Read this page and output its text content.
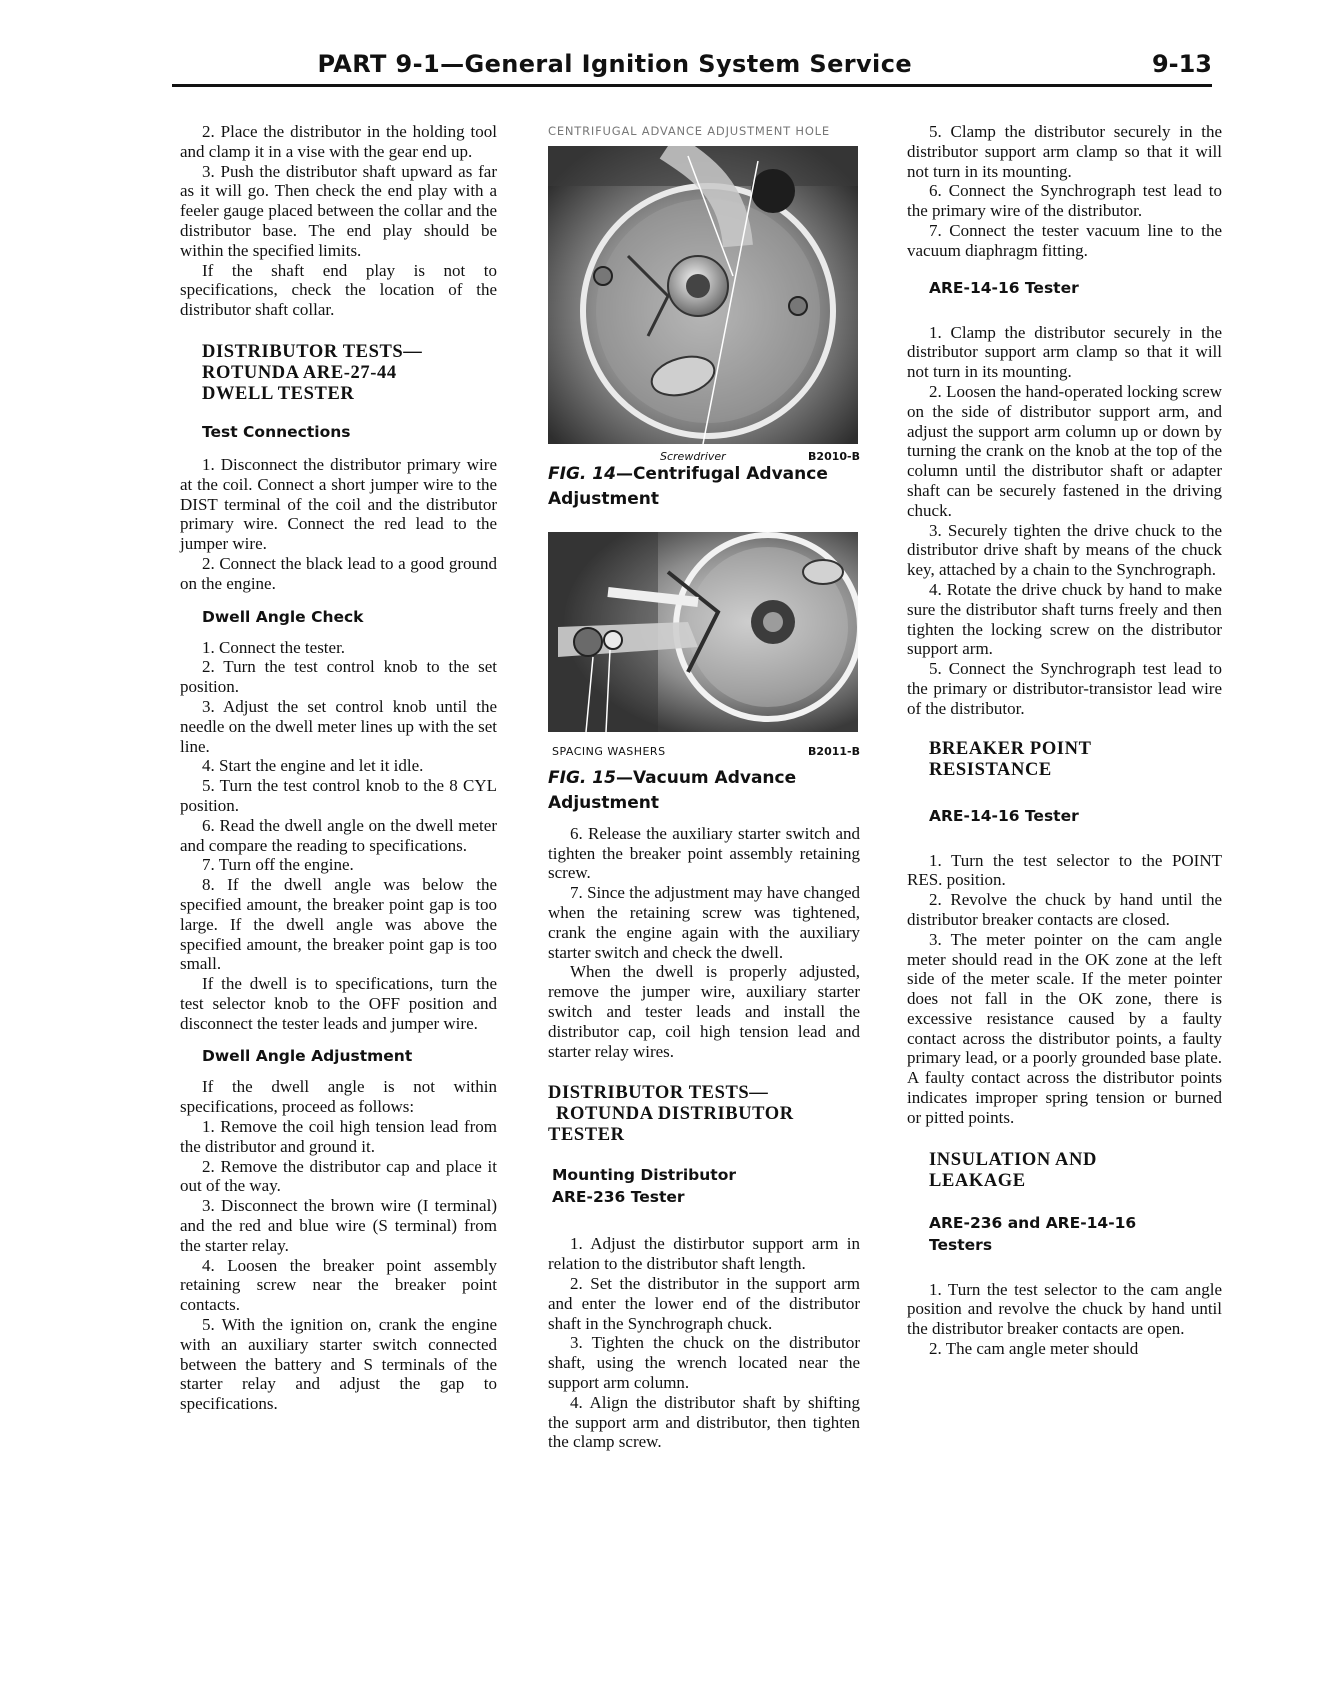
PART 9-1—General Ignition System Service	9-13

2. Place the distributor in the holding tool and clamp it in a vise with the gear end up.

3. Push the distributor shaft upward as far as it will go. Then check the end play with a feeler gauge placed between the collar and the distributor base. The end play should be within the specified limits.

If the shaft end play is not to specifications, check the location of the distributor shaft collar.

DISTRIBUTOR TESTS—
ROTUNDA ARE-27-44
DWELL TESTER
Test Connections

1. Disconnect the distributor primary wire at the coil. Connect a short jumper wire to the DIST terminal of the coil and the distributor primary wire. Connect the red lead to the jumper wire.

2. Connect the black lead to a good ground on the engine.

Dwell Angle Check

1. Connect the tester.

2. Turn the test control knob to the set position.

3. Adjust the set control knob until the needle on the dwell meter lines up with the set line.

4. Start the engine and let it idle.

5. Turn the test control knob to the 8 CYL position.

6. Read the dwell angle on the dwell meter and compare the reading to specifications.

7. Turn off the engine.

8. If the dwell angle was below the specified amount, the breaker point gap is too large. If the dwell angle was above the specified amount, the breaker point gap is too small.

If the dwell is to specifications, turn the test selector knob to the OFF position and disconnect the tester leads and jumper wire.

Dwell Angle Adjustment

If the dwell angle is not within specifications, proceed as follows:

1. Remove the coil high tension lead from the distributor and ground it.

2. Remove the distributor cap and place it out of the way.

3. Disconnect the brown wire (I terminal) and the red and blue wire (S terminal) from the starter relay.

4. Loosen the breaker point assembly retaining screw near the breaker point contacts.

5. With the ignition on, crank the engine with an auxiliary starter switch connected between the battery and S terminals of the starter relay and adjust the gap to specifications.

CENTRIFUGAL ADVANCE ADJUSTMENT HOLE
Screwdriver	B2010-B
FIG. 14—Centrifugal Advance Adjustment
SPACING WASHERS	B2011-B
FIG. 15—Vacuum Advance Adjustment

6. Release the auxiliary starter switch and tighten the breaker point assembly retaining screw.

7. Since the adjustment may have changed when the retaining screw was tightened, crank the engine again with the auxiliary starter switch and check the dwell.

When the dwell is properly adjusted, remove the jumper wire, auxiliary starter switch and tester leads and install the distributor cap, coil high tension lead and starter relay wires.

DISTRIBUTOR TESTS—
ROTUNDA DISTRIBUTOR
TESTER
Mounting Distributor
ARE-236 Tester

1. Adjust the distirbutor support arm in relation to the distributor shaft length.

2. Set the distributor in the support arm and enter the lower end of the distributor shaft in the Synchrograph chuck.

3. Tighten the chuck on the distributor shaft, using the wrench located near the support arm column.

4. Align the distributor shaft by shifting the support arm and distributor, then tighten the clamp screw.

5. Clamp the distributor securely in the distributor support arm clamp so that it will not turn in its mounting.

6. Connect the Synchrograph test lead to the primary wire of the distributor.

7. Connect the tester vacuum line to the vacuum diaphragm fitting.

ARE-14-16 Tester

1. Clamp the distributor securely in the distributor support arm clamp so that it will not turn in its mounting.

2. Loosen the hand-operated locking screw on the side of distributor support arm, and adjust the support arm column up or down by turning the crank on the knob at the top of the column until the distributor shaft or adapter shaft can be securely fastened in the driving chuck.

3. Securely tighten the drive chuck to the distributor drive shaft by means of the chuck key, attached by a chain to the Synchrograph.

4. Rotate the drive chuck by hand to make sure the distributor shaft turns freely and then tighten the locking screw on the distributor support arm.

5. Connect the Synchrograph test lead to the primary or distributor-transistor lead wire of the distributor.

BREAKER POINT
RESISTANCE
ARE-14-16 Tester

1. Turn the test selector to the POINT RES. position.

2. Revolve the chuck by hand until the distributor breaker contacts are closed.

3. The meter pointer on the cam angle meter should read in the OK zone at the left side of the meter scale. If the meter pointer does not fall in the OK zone, there is excessive resistance caused by a faulty contact across the distributor points, a faulty primary lead, or a poorly grounded base plate. A faulty contact across the distributor points indicates improper spring tension or burned or pitted points.

INSULATION AND
LEAKAGE
ARE-236 and ARE-14-16
Testers

1. Turn the test selector to the cam angle position and revolve the chuck by hand until the distributor breaker contacts are open.

2. The cam angle meter should
